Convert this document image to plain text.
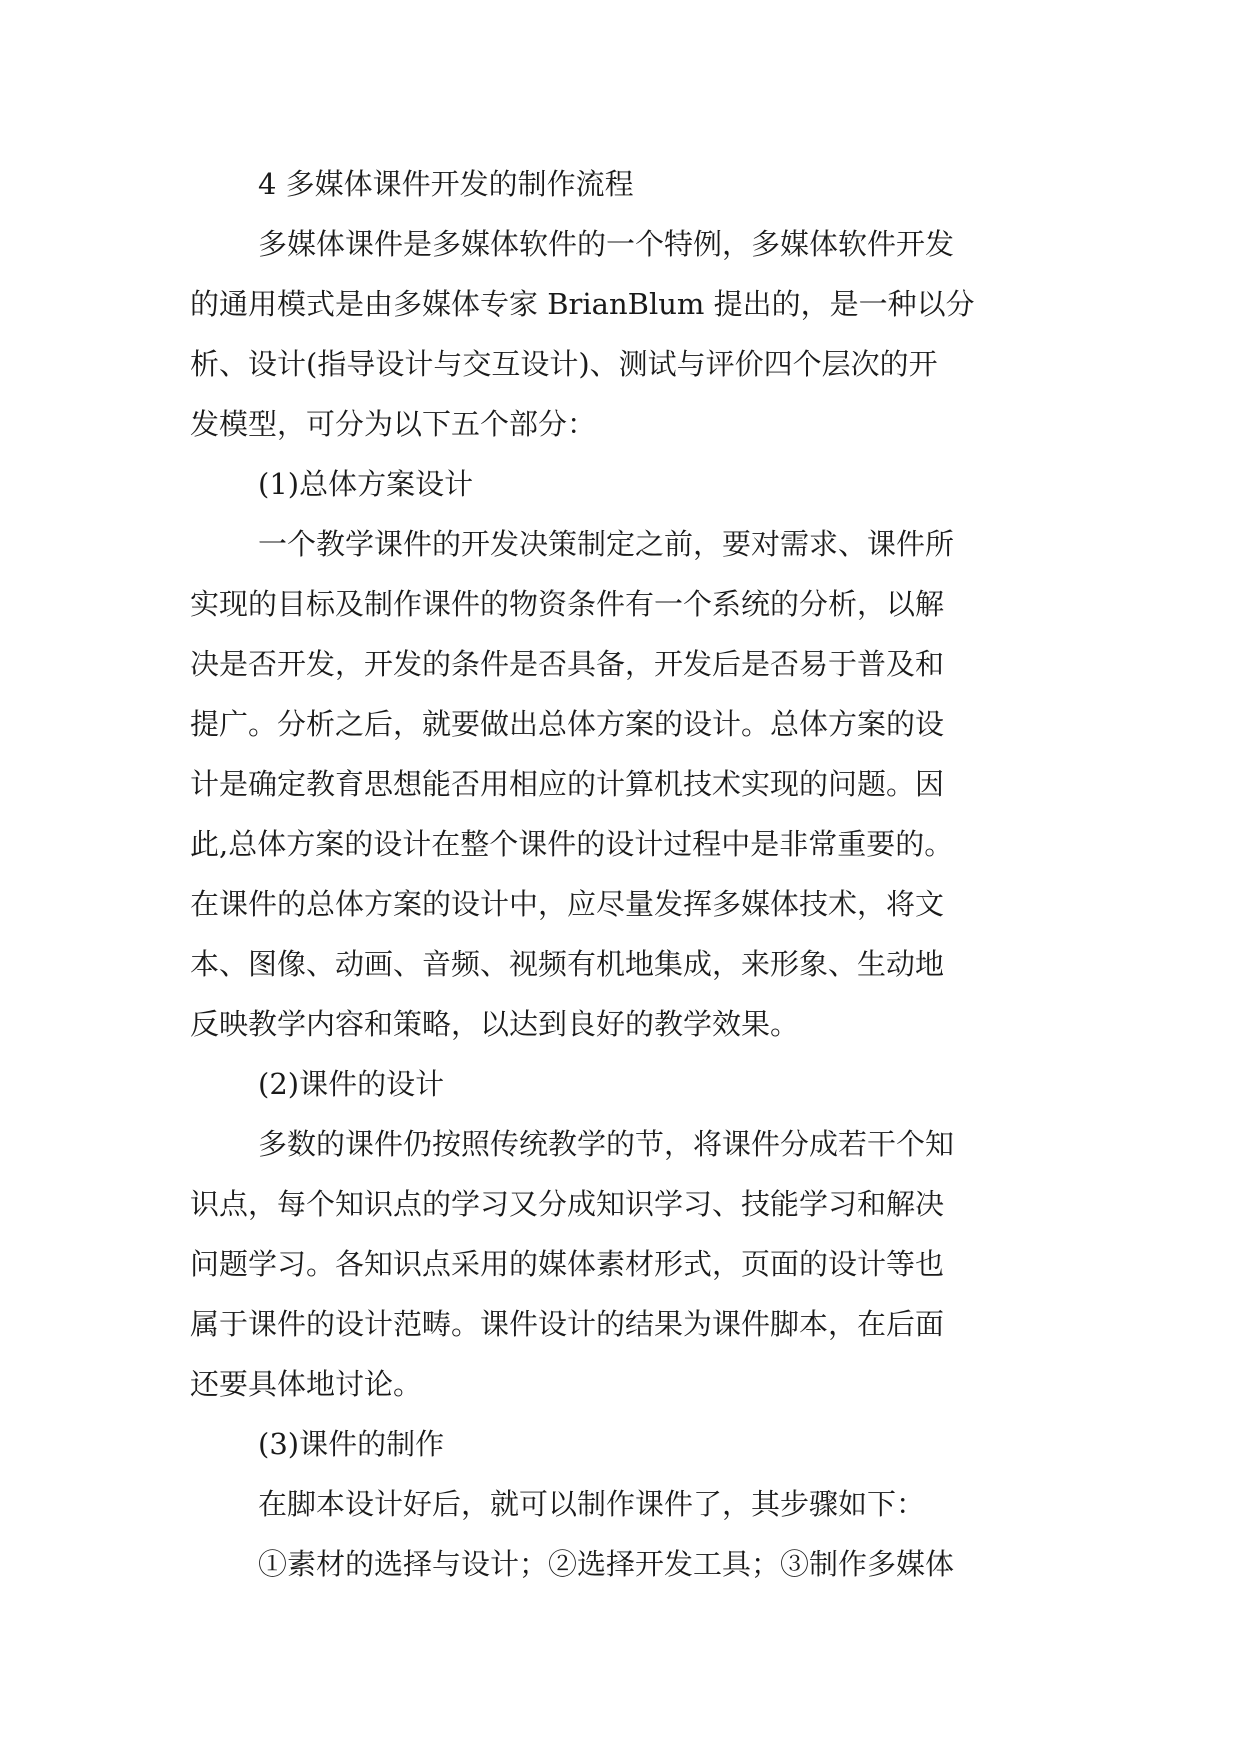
4 多媒体课件开发的制作流程
多媒体课件是多媒体软件的一个特例，多媒体软件开发
的通用模式是由多媒体专家 BrianBlum 提出的，是一种以分
析、设计(指导设计与交互设计)、测试与评价四个层次的开
发模型，可分为以下五个部分：
(1)总体方案设计
一个教学课件的开发决策制定之前，要对需求、课件所
实现的目标及制作课件的物资条件有一个系统的分析，以解
决是否开发，开发的条件是否具备，开发后是否易于普及和
提广。分析之后，就要做出总体方案的设计。总体方案的设
计是确定教育思想能否用相应的计算机技术实现的问题。因
此,总体方案的设计在整个课件的设计过程中是非常重要的。
在课件的总体方案的设计中，应尽量发挥多媒体技术，将文
本、图像、动画、音频、视频有机地集成，来形象、生动地
反映教学内容和策略，以达到良好的教学效果。
(2)课件的设计
多数的课件仍按照传统教学的节，将课件分成若干个知
识点，每个知识点的学习又分成知识学习、技能学习和解决
问题学习。各知识点采用的媒体素材形式，页面的设计等也
属于课件的设计范畴。课件设计的结果为课件脚本，在后面
还要具体地讨论。
(3)课件的制作
在脚本设计好后，就可以制作课件了，其步骤如下：
①素材的选择与设计；②选择开发工具；③制作多媒体
